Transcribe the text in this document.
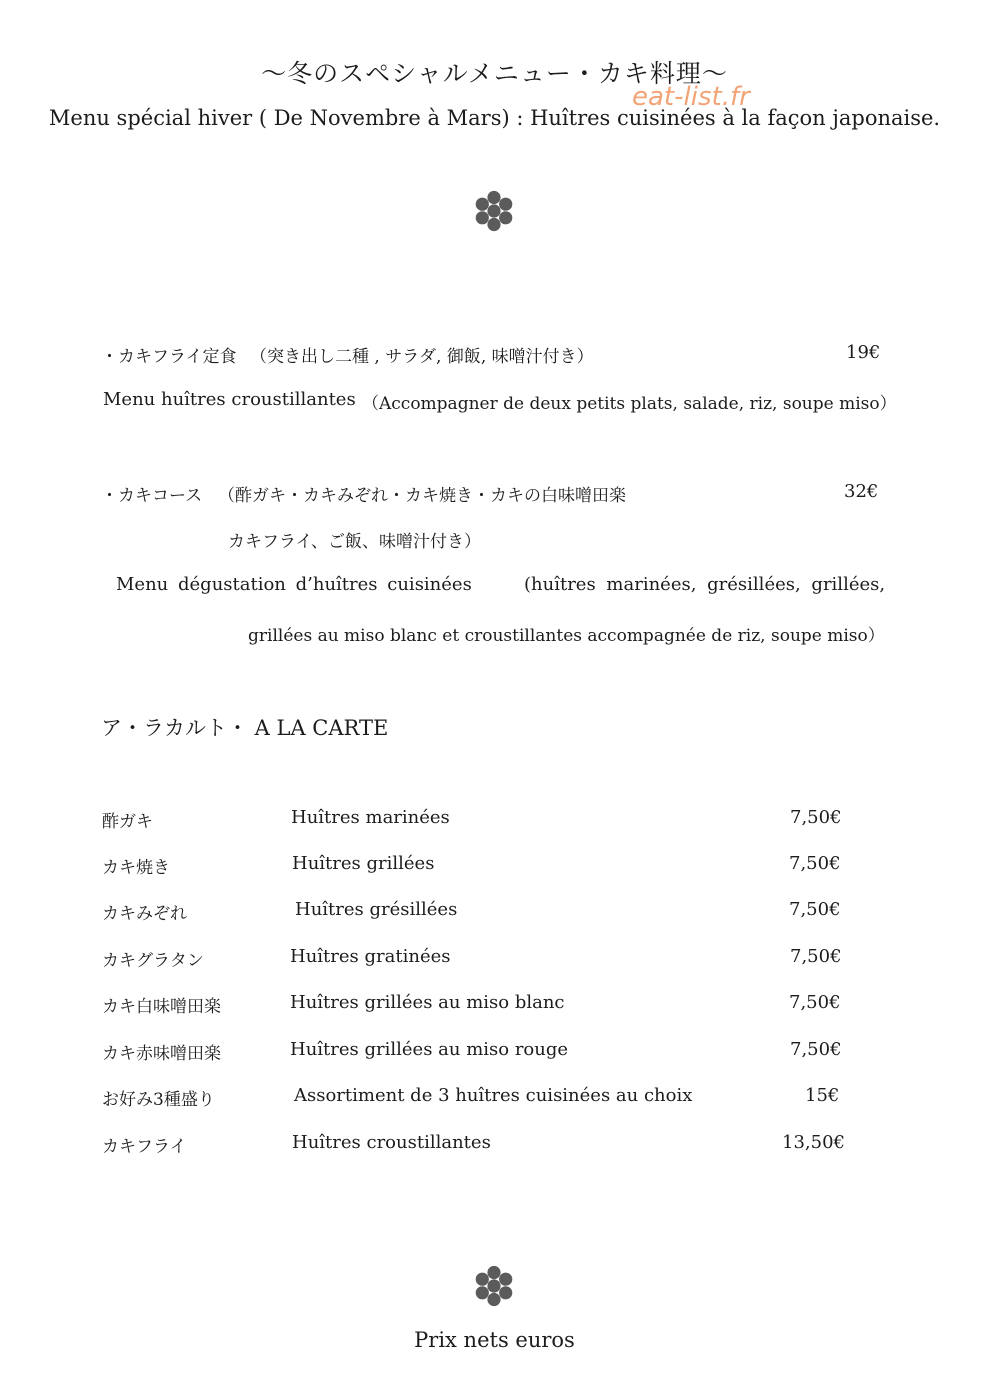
〜冬のスペシャルメニュー・カキ料理〜
eat-list.fr
Menu spécial hiver ( De Novembre à Mars) : Huîtres cuisinées à la façon japonaise.
・カキフライ定食 （突き出し二種 , サラダ, 御飯, 味噌汁付き）	19€
Menu huîtres croustillantes （Accompagner de deux petits plats, salade, riz, soupe miso）
・カキコース （酢ガキ・カキみぞれ・カキ焼き・カキの白味噌田楽	32€
カキフライ、ご飯、味噌汁付き）
Menu dégustation d’huîtres cuisinées	(huîtres marinées, grésillées, grillées,
grillées au miso blanc et croustillantes accompagnée de riz, soupe miso）
ア・ラカルト・ A LA CARTE
酢ガキ	Huîtres marinées	7,50€
カキ焼き	Huîtres grillées	7,50€
カキみぞれ	Huîtres grésillées	7,50€
カキグラタン	Huîtres gratinées	7,50€
カキ白味噌田楽	Huîtres grillées au miso blanc	7,50€
カキ赤味噌田楽	Huîtres grillées au miso rouge	7,50€
お好み3種盛り	Assortiment de 3 huîtres cuisinées au choix	15€
カキフライ	Huîtres croustillantes	13,50€
Prix nets euros
